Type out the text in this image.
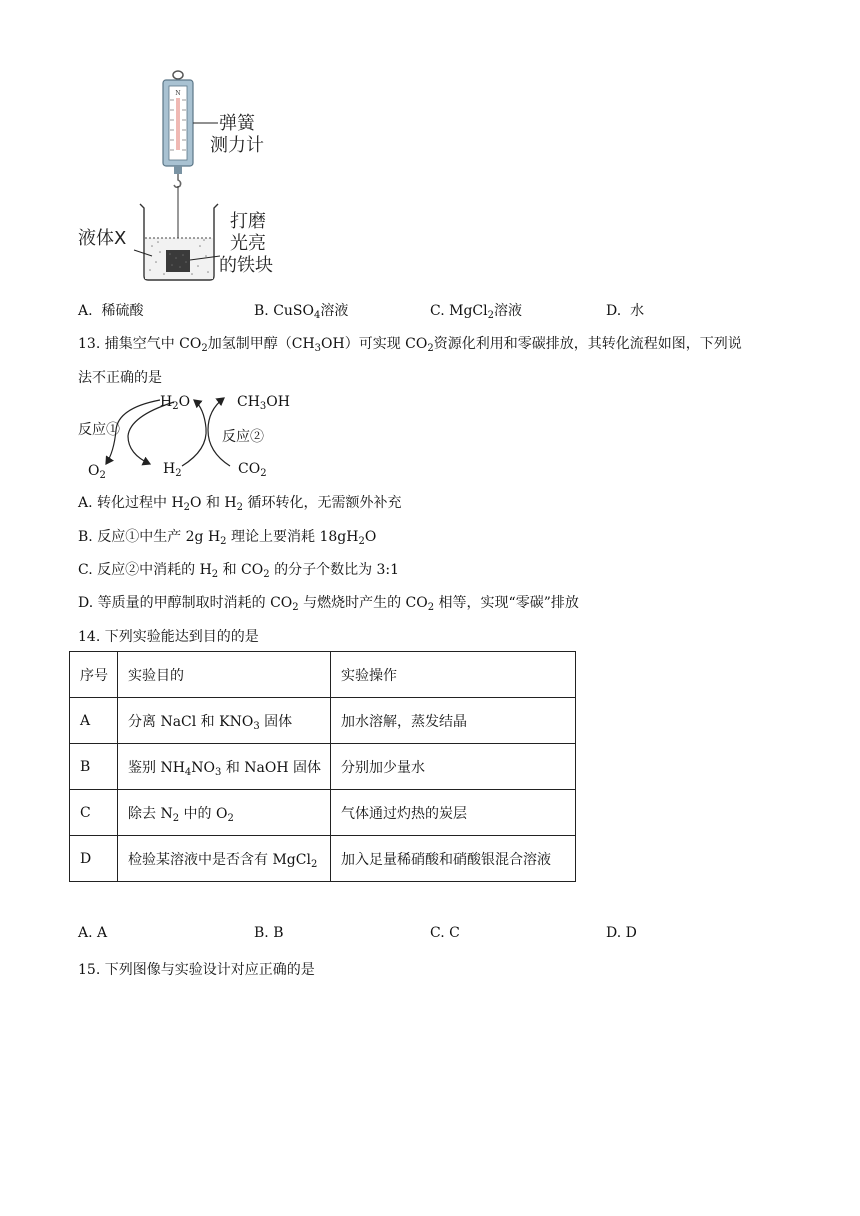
N
弹簧
测力计
液体X
打磨
光亮
的铁块
A. 稀硫酸	B. CuSO$_4$溶液	C. MgCl$_2$溶液	D. 水
13. 捕集空气中 $CO_2$加氢制甲醇$(CH_3OH)$可实现 $CO_2$资源化利用和零碳排放，其转化流程如图，下列说
法不正确的是
$H_2O$	$CH_3OH$
反应①	反应②
$O_2$	$H_2$	$CO_2$
A. 转化过程中 $H_2O$ 和 $H_2$ 循环转化，无需额外补充
B. 反应①中生产 2g $H_2$ 理论上要消耗 $18gH_2O$
C. 反应②中消耗的 $H_2$ 和 $CO_2$ 的分子个数比为 3:1
D. 等质量的甲醇制取时消耗的 $CO_2$ 与燃烧时产生的 $CO_2$ 相等，实现“零碳”排放
14. 下列实验能达到目的的是
序号	实验目的	实验操作
A	分离 NaCl 和 $KNO_3$ 固体	加水溶解，蒸发结晶
B	鉴别 $NH_4NO_3$ 和 NaOH 固体	分别加少量水
C	除去 $N_2$ 中的 $O_2$	气体通过灼热的炭层
D	检验某溶液中是否含有 MgCl$_2$	加入足量稀硝酸和硝酸银混合溶液
A. A	B. B	C. C	D. D
15. 下列图像与实验设计对应正确的是
